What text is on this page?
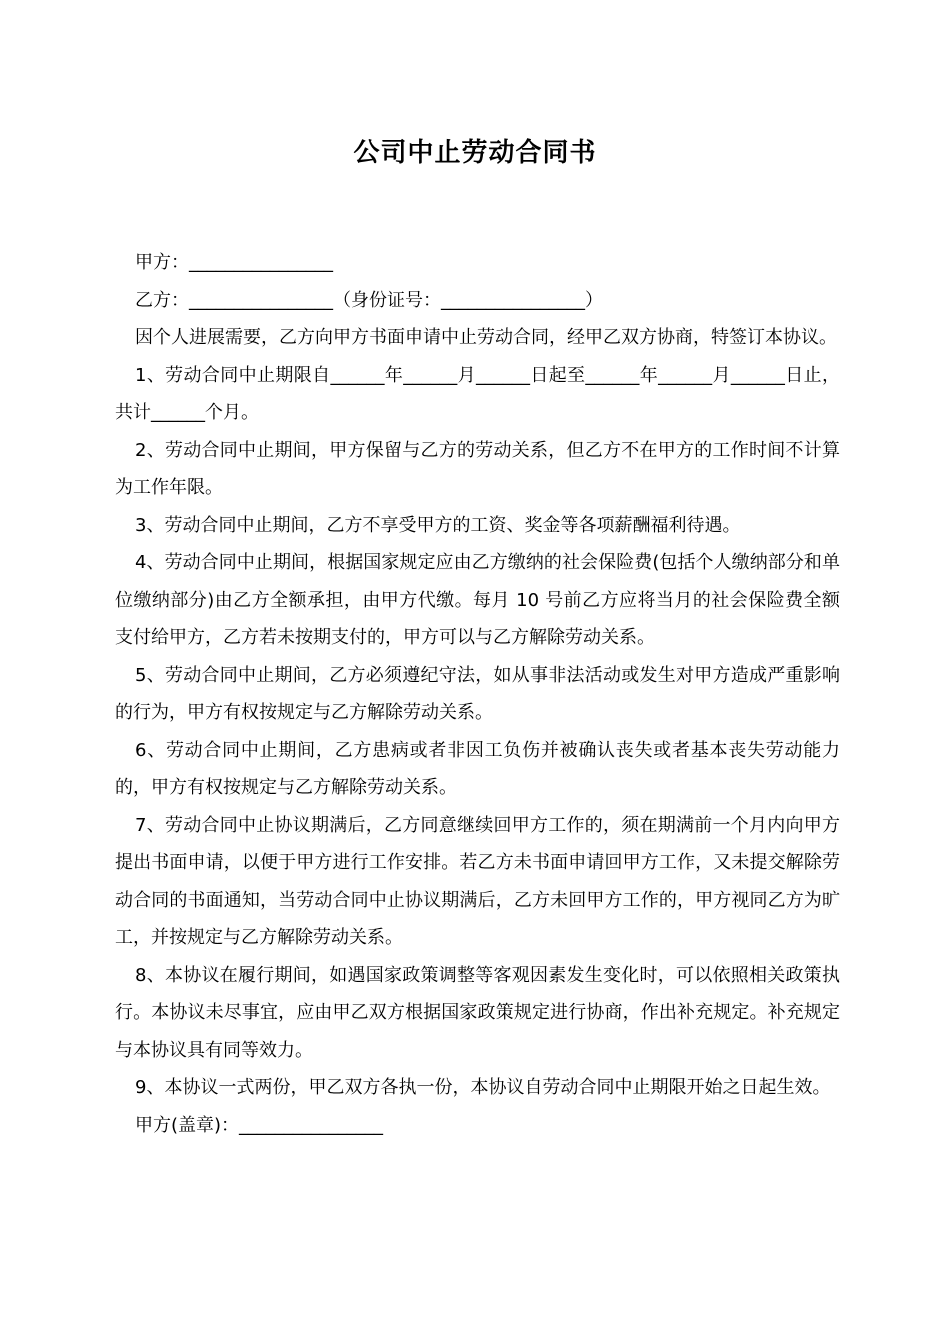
公司中止劳动合同书

甲方：________________

乙方：________________（身份证号：________________）

因个人进展需要，乙方向甲方书面申请中止劳动合同，经甲乙双方协商，特签订本协议。

1、劳动合同中止期限自______年______月______日起至______年______月______日止，共计______个月。

2、劳动合同中止期间，甲方保留与乙方的劳动关系，但乙方不在甲方的工作时间不计算为工作年限。

3、劳动合同中止期间，乙方不享受甲方的工资、奖金等各项薪酬福利待遇。

4、劳动合同中止期间，根据国家规定应由乙方缴纳的社会保险费(包括个人缴纳部分和单位缴纳部分)由乙方全额承担，由甲方代缴。每月 10 号前乙方应将当月的社会保险费全额支付给甲方，乙方若未按期支付的，甲方可以与乙方解除劳动关系。

5、劳动合同中止期间，乙方必须遵纪守法，如从事非法活动或发生对甲方造成严重影响的行为，甲方有权按规定与乙方解除劳动关系。

6、劳动合同中止期间，乙方患病或者非因工负伤并被确认丧失或者基本丧失劳动能力的，甲方有权按规定与乙方解除劳动关系。

7、劳动合同中止协议期满后，乙方同意继续回甲方工作的，须在期满前一个月内向甲方提出书面申请，以便于甲方进行工作安排。若乙方未书面申请回甲方工作，又未提交解除劳动合同的书面通知，当劳动合同中止协议期满后，乙方未回甲方工作的，甲方视同乙方为旷工，并按规定与乙方解除劳动关系。

8、本协议在履行期间，如遇国家政策调整等客观因素发生变化时，可以依照相关政策执行。本协议未尽事宜，应由甲乙双方根据国家政策规定进行协商，作出补充规定。补充规定与本协议具有同等效力。

9、本协议一式两份，甲乙双方各执一份，本协议自劳动合同中止期限开始之日起生效。

甲方(盖章)：________________
